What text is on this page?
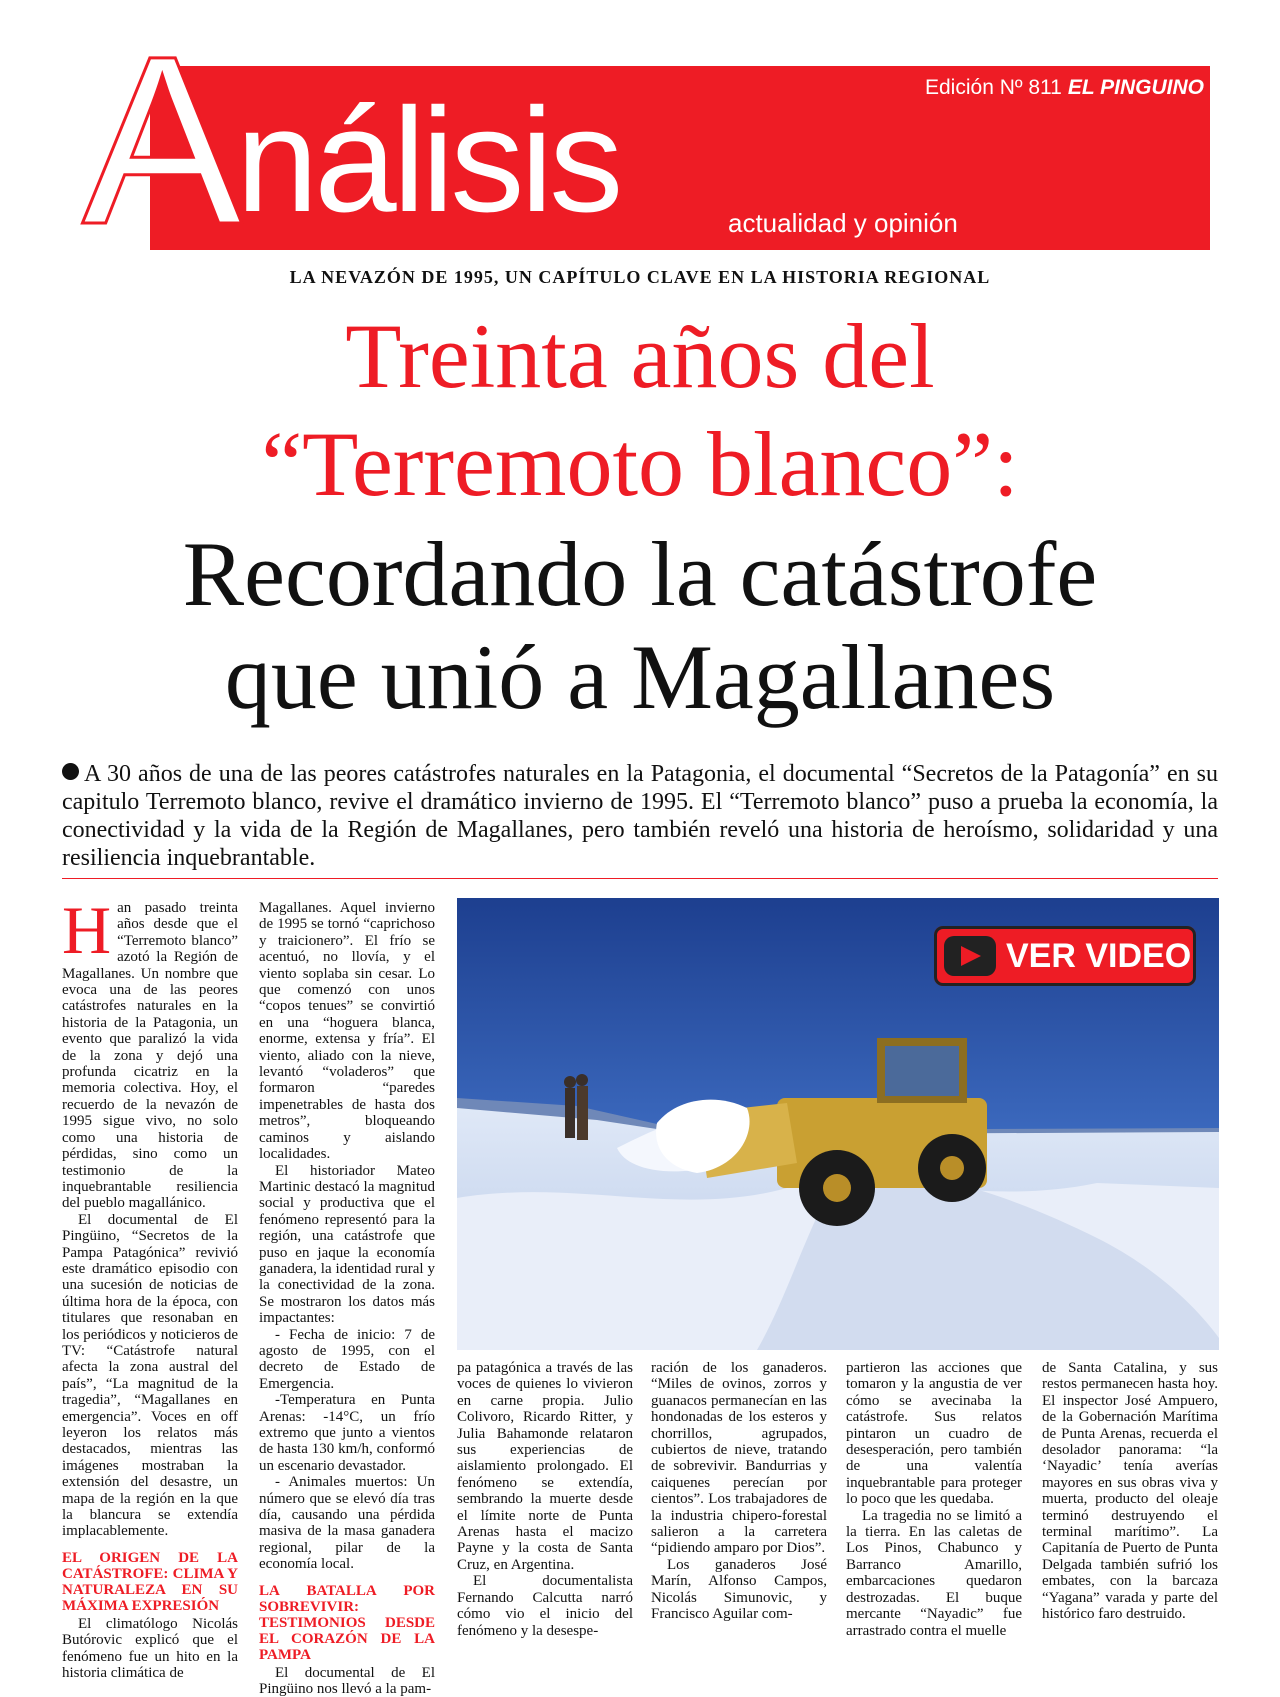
A nálisis	Edición Nº 811 EL PINGUINO
actualidad y opinión
LA NEVAZÓN DE 1995, UN CAPÍTULO CLAVE EN LA HISTORIA REGIONAL
Treinta años del
“Terremoto blanco”:
Recordando la catástrofe
que unió a Magallanes
A 30 años de una de las peores catástrofes naturales en la Patagonia, el documental “Secretos de la Patagonía” en su capitulo Terremoto blanco, revive el dramático invierno de 1995. El “Terremoto blanco” puso a prueba la economía, la conectividad y la vida de la Región de Magallanes, pero también reveló una historia de heroísmo, solidaridad y una resiliencia inquebrantable.

Han pasado treinta años desde que el “Terremoto blanco” azotó la Región de Magallanes. Un nombre que evoca una de las peores catástrofes naturales en la historia de la Patagonia, un evento que paralizó la vida de la zona y dejó una profunda cicatriz en la memoria colectiva. Hoy, el recuerdo de la nevazón de 1995 sigue vivo, no solo como una historia de pérdidas, sino como un testimonio de la inquebrantable resiliencia del pueblo magallánico.

El documental de El Pingüino, “Secretos de la Pampa Patagónica” revivió este dramático episodio con una sucesión de noticias de última hora de la época, con titulares que resonaban en los periódicos y noticieros de TV: “Catástrofe natural afecta la zona austral del país”, “La magnitud de la tragedia”, “Magallanes en emergencia”. Voces en off leyeron los relatos más destacados, mientras las imágenes mostraban la extensión del desastre, un mapa de la región en la que la blancura se extendía implacablemente.

EL ORIGEN DE LA CATÁSTROFE: CLIMA Y NATURALEZA EN SU MÁXIMA EXPRESIÓN

El climatólogo Nicolás Butórovic explicó que el fenómeno fue un hito en la historia climática de

Magallanes. Aquel invierno de 1995 se tornó “caprichoso y traicionero”. El frío se acentuó, no llovía, y el viento soplaba sin cesar. Lo que comenzó con unos “copos tenues” se convirtió en una “hoguera blanca, enorme, extensa y fría”. El viento, aliado con la nieve, levantó “voladeros” que formaron “paredes impenetrables de hasta dos metros”, bloqueando caminos y aislando localidades.

El historiador Mateo Martinic destacó la magnitud social y productiva que el fenómeno representó para la región, una catástrofe que puso en jaque la economía ganadera, la identidad rural y la conectividad de la zona. Se mostraron los datos más impactantes:

- Fecha de inicio: 7 de agosto de 1995, con el decreto de Estado de Emergencia.

-Temperatura en Punta Arenas: -14°C, un frío extremo que junto a vientos de hasta 130 km/h, conformó un escenario devastador.

- Animales muertos: Un número que se elevó día tras día, causando una pérdida masiva de la masa ganadera regional, pilar de la economía local.

LA BATALLA POR SOBREVIVIR: TESTIMONIOS DESDE EL CORAZÓN DE LA PAMPA

El documental de El Pingüino nos llevó a la pam-

VER VIDEO

pa patagónica a través de las voces de quienes lo vivieron en carne propia. Julio Colivoro, Ricardo Ritter, y Julia Bahamonde relataron sus experiencias de aislamiento prolongado. El fenómeno se extendía, sembrando la muerte desde el límite norte de Punta Arenas hasta el macizo Payne y la costa de Santa Cruz, en Argentina.

El documentalista Fernando Calcutta narró cómo vio el inicio del fenómeno y la desespe-

ración de los ganaderos. “Miles de ovinos, zorros y guanacos permanecían en las hondonadas de los esteros y chorrillos, agrupados, cubiertos de nieve, tratando de sobrevivir. Bandurrias y caiquenes perecían por cientos”. Los trabajadores de la industria chipero-forestal salieron a la carretera “pidiendo amparo por Dios”.

Los ganaderos José Marín, Alfonso Campos, Nicolás Simunovic, y Francisco Aguilar com-

partieron las acciones que tomaron y la angustia de ver cómo se avecinaba la catástrofe. Sus relatos pintaron un cuadro de desesperación, pero también de una valentía inquebrantable para proteger lo poco que les quedaba.

La tragedia no se limitó a la tierra. En las caletas de Los Pinos, Chabunco y Barranco Amarillo, embarcaciones quedaron destrozadas. El buque mercante “Nayadic” fue arrastrado contra el muelle

de Santa Catalina, y sus restos permanecen hasta hoy. El inspector José Ampuero, de la Gobernación Marítima de Punta Arenas, recuerda el desolador panorama: “la ‘Nayadic’ tenía averías mayores en sus obras viva y muerta, producto del oleaje terminó destruyendo el terminal marítimo”. La Capitanía de Puerto de Punta Delgada también sufrió los embates, con la barcaza “Yagana” varada y parte del histórico faro destruido.
